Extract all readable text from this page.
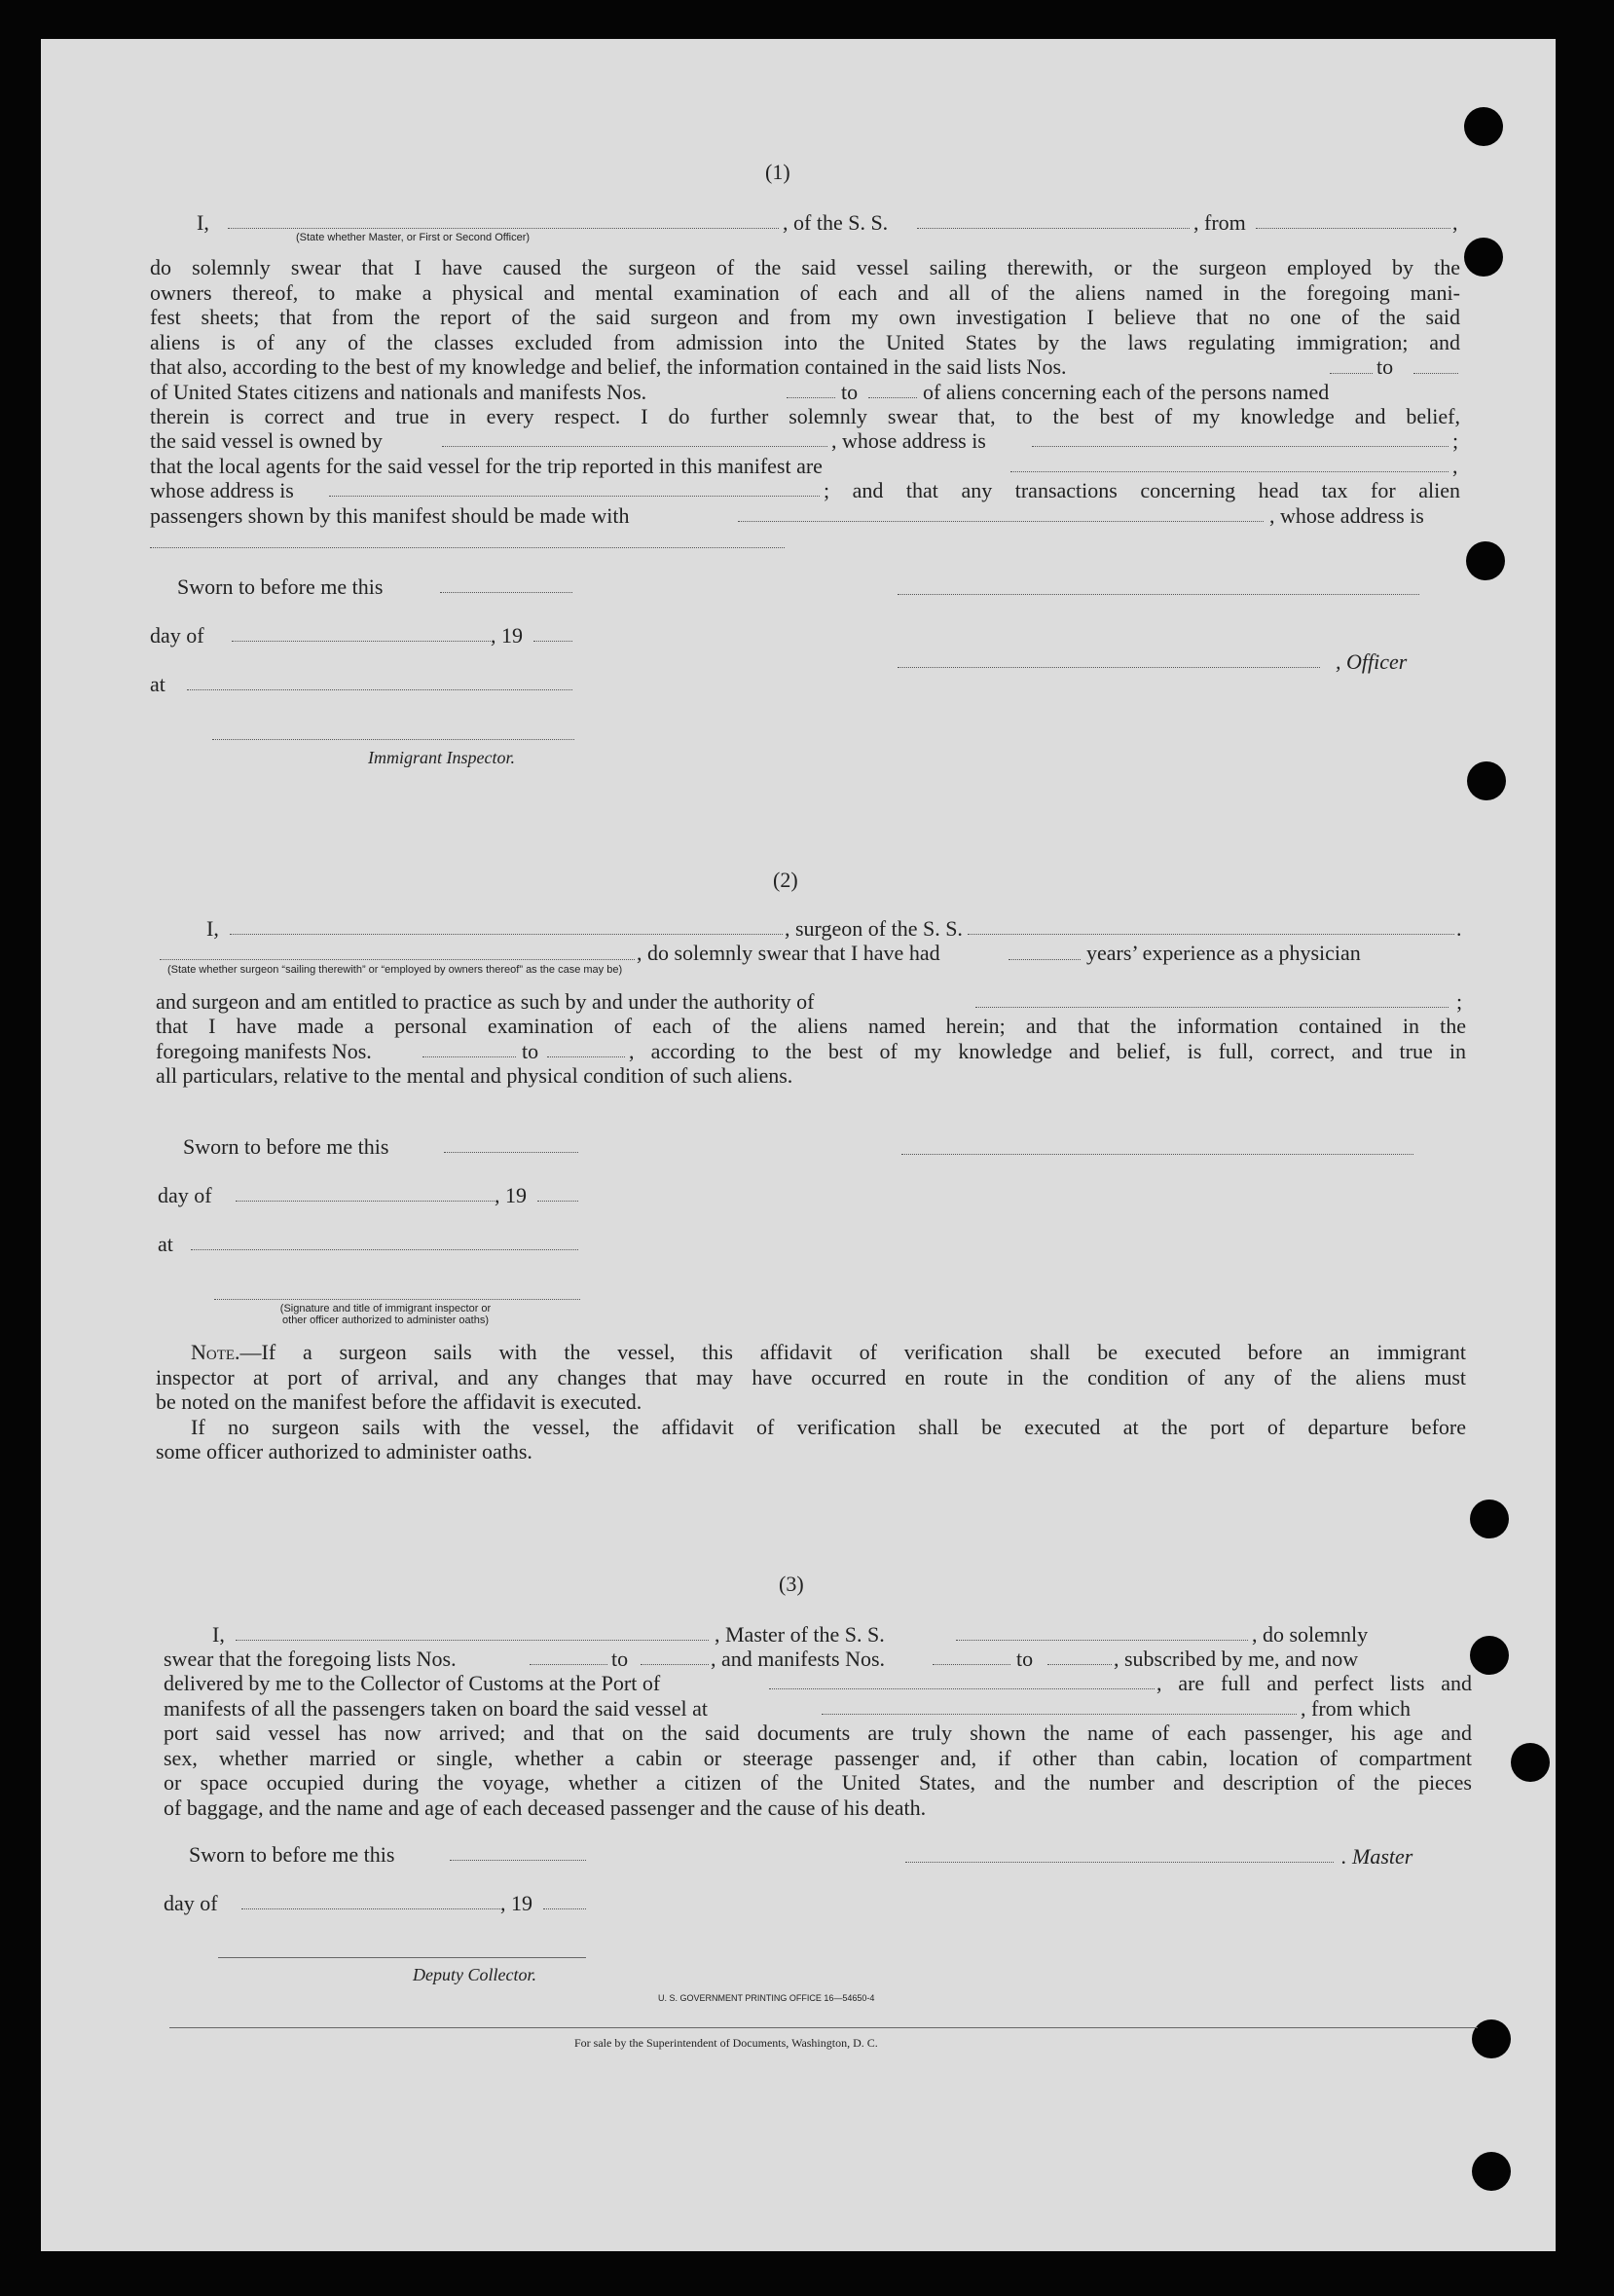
(1)
I,	, of the S. S.	, from	,
(State whether Master, or First or Second Officer)
do solemnly swear that I have caused the surgeon of the said vessel sailing therewith, or the surgeon employed by the
owners thereof, to make a physical and mental examination of each and all of the aliens named in the foregoing mani-
fest sheets; that from the report of the said surgeon and from my own investigation I believe that no one of the said
aliens is of any of the classes excluded from admission into the United States by the laws regulating immigration; and
that also, according to the best of my knowledge and belief, the information contained in the said lists Nos.	to
of United States citizens and nationals and manifests Nos.	to	of aliens concerning each of the persons named
therein is correct and true in every respect. I do further solemnly swear that, to the best of my knowledge and belief,
the said vessel is owned by	, whose address is	;
that the local agents for the said vessel for the trip reported in this manifest are	,
whose address is	; and that any transactions concerning head tax for alien
passengers shown by this manifest should be made with	, whose address is
Sworn to before me this
day of	, 19
, Officer
at
Immigrant Inspector.
(2)
I,	, surgeon of the S. S.	.
, do solemnly swear that I have had	years’ experience as a physician
(State whether surgeon “sailing therewith” or “employed by owners thereof” as the case may be)
and surgeon and am entitled to practice as such by and under the authority of	;
that I have made a personal examination of each of the aliens named herein; and that the information contained in the
foregoing manifests Nos.	to	, according to the best of my knowledge and belief, is full, correct, and true in
all particulars, relative to the mental and physical condition of such aliens.
Sworn to before me this
day of	, 19
at
(Signature and title of immigrant inspector or
other officer authorized to administer oaths)
Note.—If a surgeon sails with the vessel, this affidavit of verification shall be executed before an immigrant
inspector at port of arrival, and any changes that may have occurred en route in the condition of any of the aliens must
be noted on the manifest before the affidavit is executed.
If no surgeon sails with the vessel, the affidavit of verification shall be executed at the port of departure before
some officer authorized to administer oaths.
(3)
I,	, Master of the S. S.	, do solemnly
swear that the foregoing lists Nos.	to	, and manifests Nos.	to	, subscribed by me, and now
delivered by me to the Collector of Customs at the Port of	, are full and perfect lists and
manifests of all the passengers taken on board the said vessel at	, from which
port said vessel has now arrived; and that on the said documents are truly shown the name of each passenger, his age and
sex, whether married or single, whether a cabin or steerage passenger and, if other than cabin, location of compartment
or space occupied during the voyage, whether a citizen of the United States, and the number and description of the pieces
of baggage, and the name and age of each deceased passenger and the cause of his death.
Sworn to before me this	. Master
day of	, 19
Deputy Collector.
U. S. GOVERNMENT PRINTING OFFICE 16—54650-4
For sale by the Superintendent of Documents, Washington, D. C.
